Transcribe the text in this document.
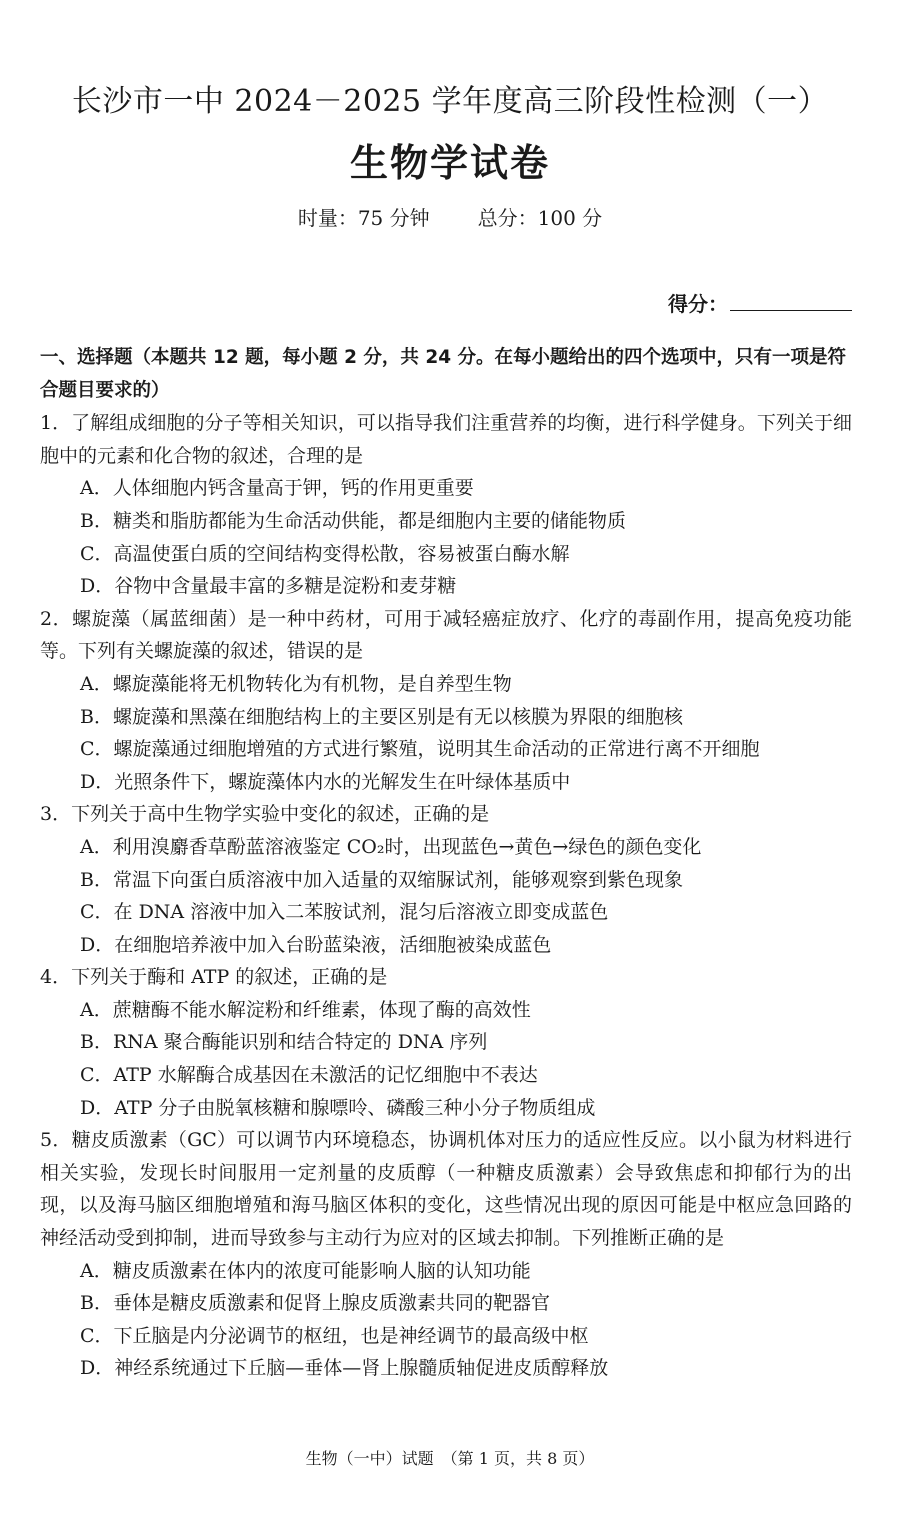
长沙市一中 2024－2025 学年度高三阶段性检测（一）
生物学试卷
时量：75 分钟 总分：100 分
得分：
一、选择题（本题共 12 题，每小题 2 分，共 24 分。在每小题给出的四个选项中，只有一项是符合题目要求的）
1．了解组成细胞的分子等相关知识，可以指导我们注重营养的均衡，进行科学健身。下列关于细胞中的元素和化合物的叙述，合理的是
A．人体细胞内钙含量高于钾，钙的作用更重要
B．糖类和脂肪都能为生命活动供能，都是细胞内主要的储能物质
C．高温使蛋白质的空间结构变得松散，容易被蛋白酶水解
D．谷物中含量最丰富的多糖是淀粉和麦芽糖
2．螺旋藻（属蓝细菌）是一种中药材，可用于减轻癌症放疗、化疗的毒副作用，提高免疫功能等。下列有关螺旋藻的叙述，错误的是
A．螺旋藻能将无机物转化为有机物，是自养型生物
B．螺旋藻和黑藻在细胞结构上的主要区别是有无以核膜为界限的细胞核
C．螺旋藻通过细胞增殖的方式进行繁殖，说明其生命活动的正常进行离不开细胞
D．光照条件下，螺旋藻体内水的光解发生在叶绿体基质中
3．下列关于高中生物学实验中变化的叙述，正确的是
A．利用溴麝香草酚蓝溶液鉴定 CO₂时，出现蓝色→黄色→绿色的颜色变化
B．常温下向蛋白质溶液中加入适量的双缩脲试剂，能够观察到紫色现象
C．在 DNA 溶液中加入二苯胺试剂，混匀后溶液立即变成蓝色
D．在细胞培养液中加入台盼蓝染液，活细胞被染成蓝色
4．下列关于酶和 ATP 的叙述，正确的是
A．蔗糖酶不能水解淀粉和纤维素，体现了酶的高效性
B．RNA 聚合酶能识别和结合特定的 DNA 序列
C．ATP 水解酶合成基因在未激活的记忆细胞中不表达
D．ATP 分子由脱氧核糖和腺嘌呤、磷酸三种小分子物质组成
5．糖皮质激素（GC）可以调节内环境稳态，协调机体对压力的适应性反应。以小鼠为材料进行相关实验，发现长时间服用一定剂量的皮质醇（一种糖皮质激素）会导致焦虑和抑郁行为的出现，以及海马脑区细胞增殖和海马脑区体积的变化，这些情况出现的原因可能是中枢应急回路的神经活动受到抑制，进而导致参与主动行为应对的区域去抑制。下列推断正确的是
A．糖皮质激素在体内的浓度可能影响人脑的认知功能
B．垂体是糖皮质激素和促肾上腺皮质激素共同的靶器官
C．下丘脑是内分泌调节的枢纽，也是神经调节的最高级中枢
D．神经系统通过下丘脑—垂体—肾上腺髓质轴促进皮质醇释放
生物（一中）试题　（第 1 页，共 8 页）
